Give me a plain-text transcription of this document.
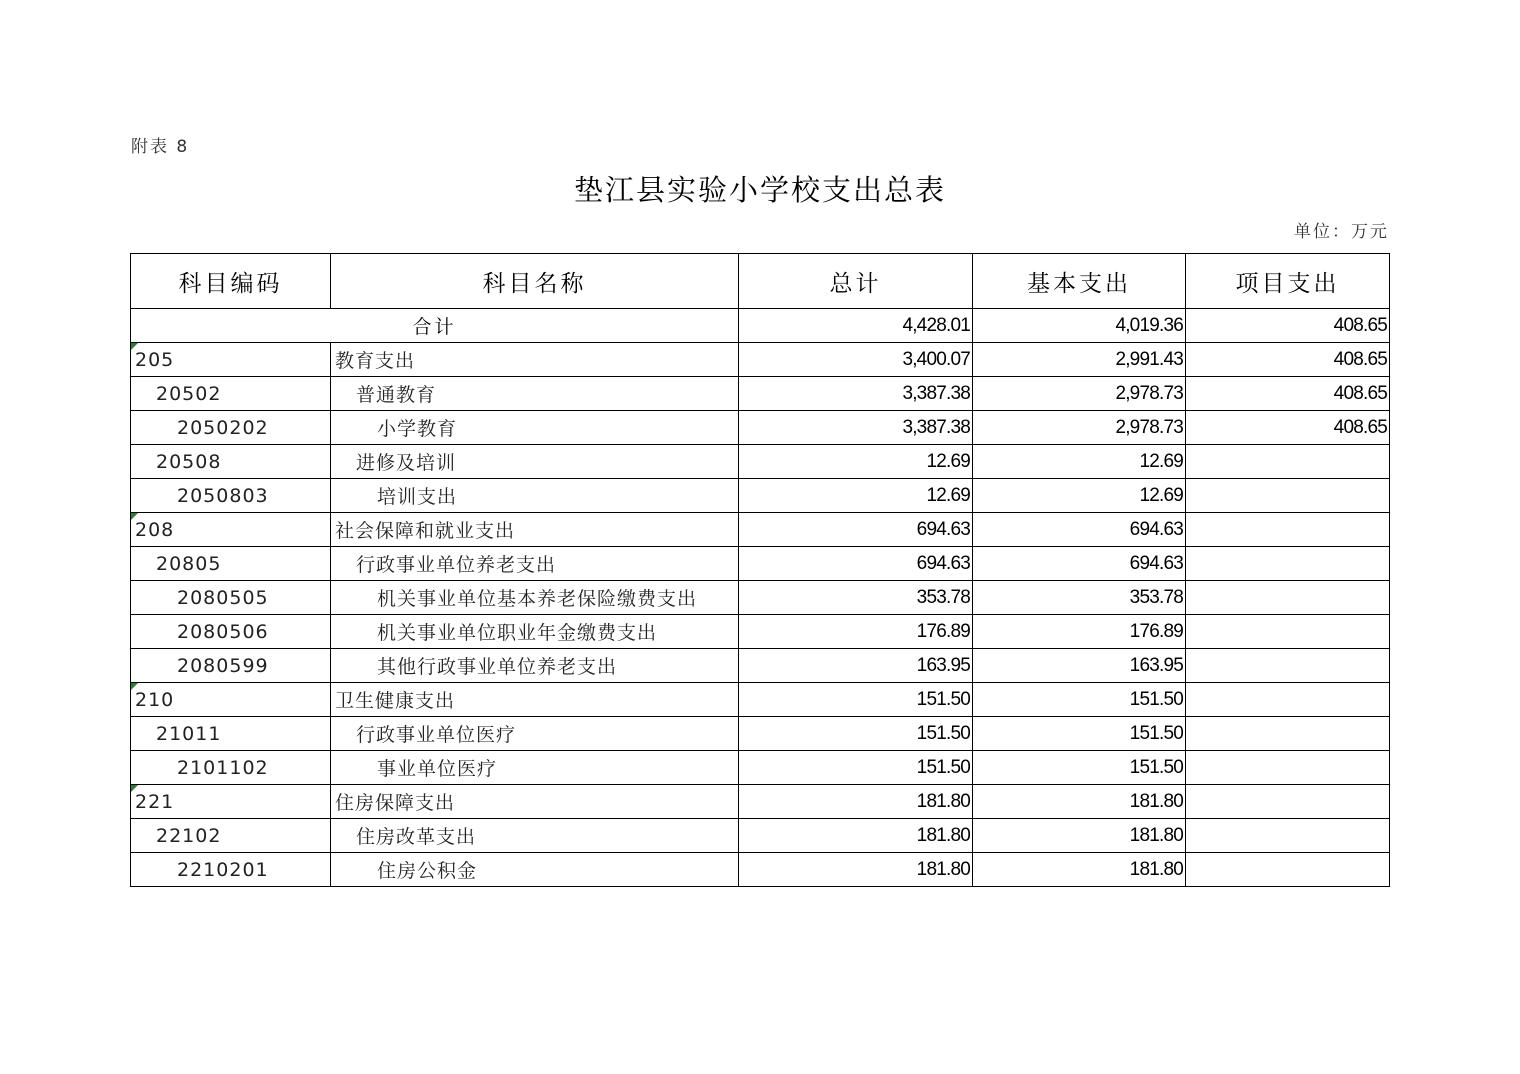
附表 8
垫江县实验小学校支出总表
单位：万元
科目编码	科目名称	总计	基本支出	项目支出
合计		4,428.01	4,019.36	408.65

205	教育支出	3,400.07	2,991.43	408.65
20502	普通教育	3,387.38	2,978.73	408.65
2050202	小学教育	3,387.38	2,978.73	408.65
20508	进修及培训	12.69	12.69	
2050803	培训支出	12.69	12.69	

208	社会保障和就业支出	694.63	694.63	
20805	行政事业单位养老支出	694.63	694.63	
2080505	机关事业单位基本养老保险缴费支出	353.78	353.78	
2080506	机关事业单位职业年金缴费支出	176.89	176.89	
2080599	其他行政事业单位养老支出	163.95	163.95	

210	卫生健康支出	151.50	151.50	
21011	行政事业单位医疗	151.50	151.50	
2101102	事业单位医疗	151.50	151.50	

221	住房保障支出	181.80	181.80	
22102	住房改革支出	181.80	181.80	
2210201	住房公积金	181.80	181.80	
